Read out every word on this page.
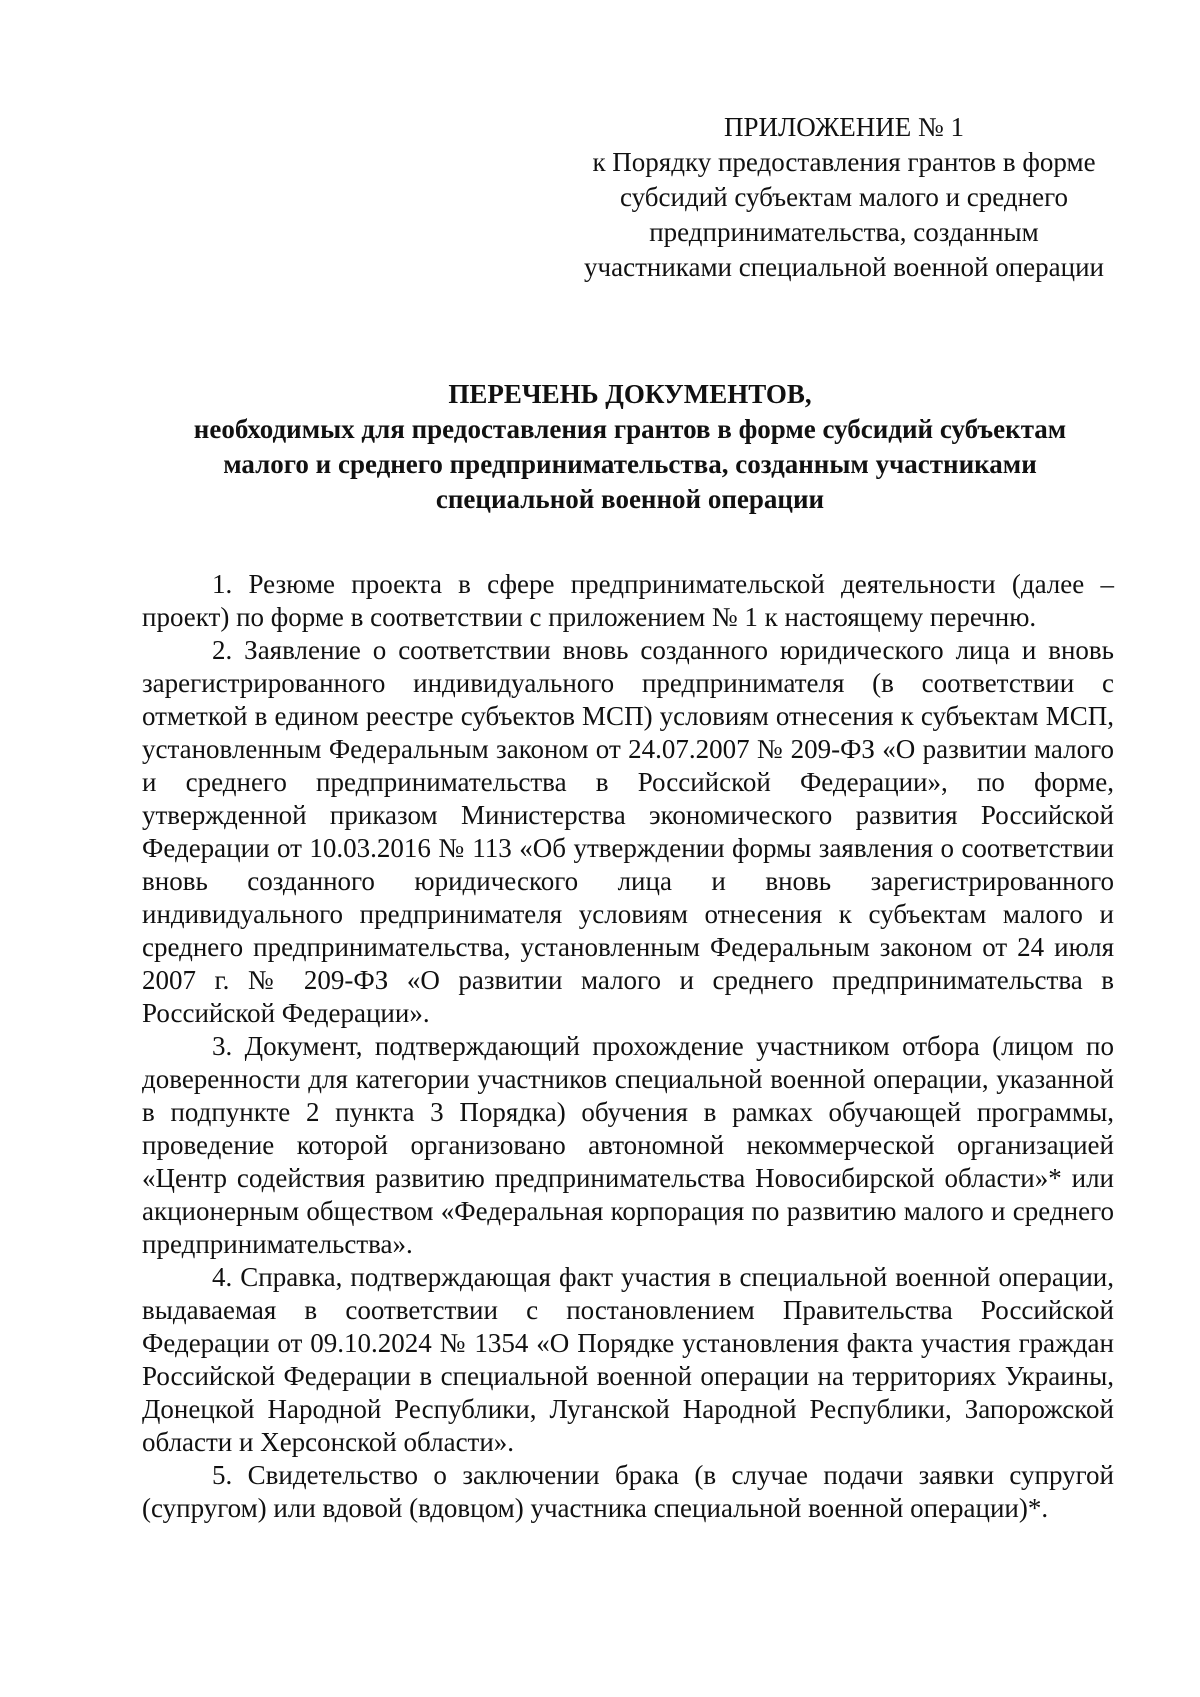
ПРИЛОЖЕНИЕ № 1
к Порядку предоставления грантов в форме
субсидий субъектам малого и среднего
предпринимательства, созданным
участниками специальной военной операции
ПЕРЕЧЕНЬ ДОКУМЕНТОВ,
необходимых для предоставления грантов в форме субсидий субъектам
малого и среднего предпринимательства, созданным участниками
специальной военной операции

1. Резюме проекта в сфере предпринимательской деятельности (далее – проект) по форме в соответствии с приложением № 1 к настоящему перечню.

2. Заявление о соответствии вновь созданного юридического лица и вновь зарегистрированного индивидуального предпринимателя (в соответствии с отметкой в едином реестре субъектов МСП) условиям отнесения к субъектам МСП, установленным Федеральным законом от 24.07.2007 № 209-ФЗ «О развитии малого и среднего предпринимательства в Российской Федерации», по форме, утвержденной приказом Министерства экономического развития Российской Федерации от 10.03.2016 № 113 «Об утверждении формы заявления о соответствии вновь созданного юридического лица и вновь зарегистрированного индивидуального предпринимателя условиям отнесения к субъектам малого и среднего предпринимательства, установленным Федеральным законом от 24 июля 2007 г. № 209-ФЗ «О развитии малого и среднего предпринимательства в Российской Федерации».

3. Документ, подтверждающий прохождение участником отбора (лицом по доверенности для категории участников специальной военной операции, указанной в подпункте 2 пункта 3 Порядка) обучения в рамках обучающей программы, проведение которой организовано автономной некоммерческой организацией «Центр содействия развитию предпринимательства Новосибирской области»* или акционерным обществом «Федеральная корпорация по развитию малого и среднего предпринимательства».

4. Справка, подтверждающая факт участия в специальной военной операции, выдаваемая в соответствии с постановлением Правительства Российской Федерации от 09.10.2024 № 1354 «О Порядке установления факта участия граждан Российской Федерации в специальной военной операции на территориях Украины, Донецкой Народной Республики, Луганской Народной Республики, Запорожской области и Херсонской области».

5. Свидетельство о заключении брака (в случае подачи заявки супругой (супругом) или вдовой (вдовцом) участника специальной военной операции)*.
